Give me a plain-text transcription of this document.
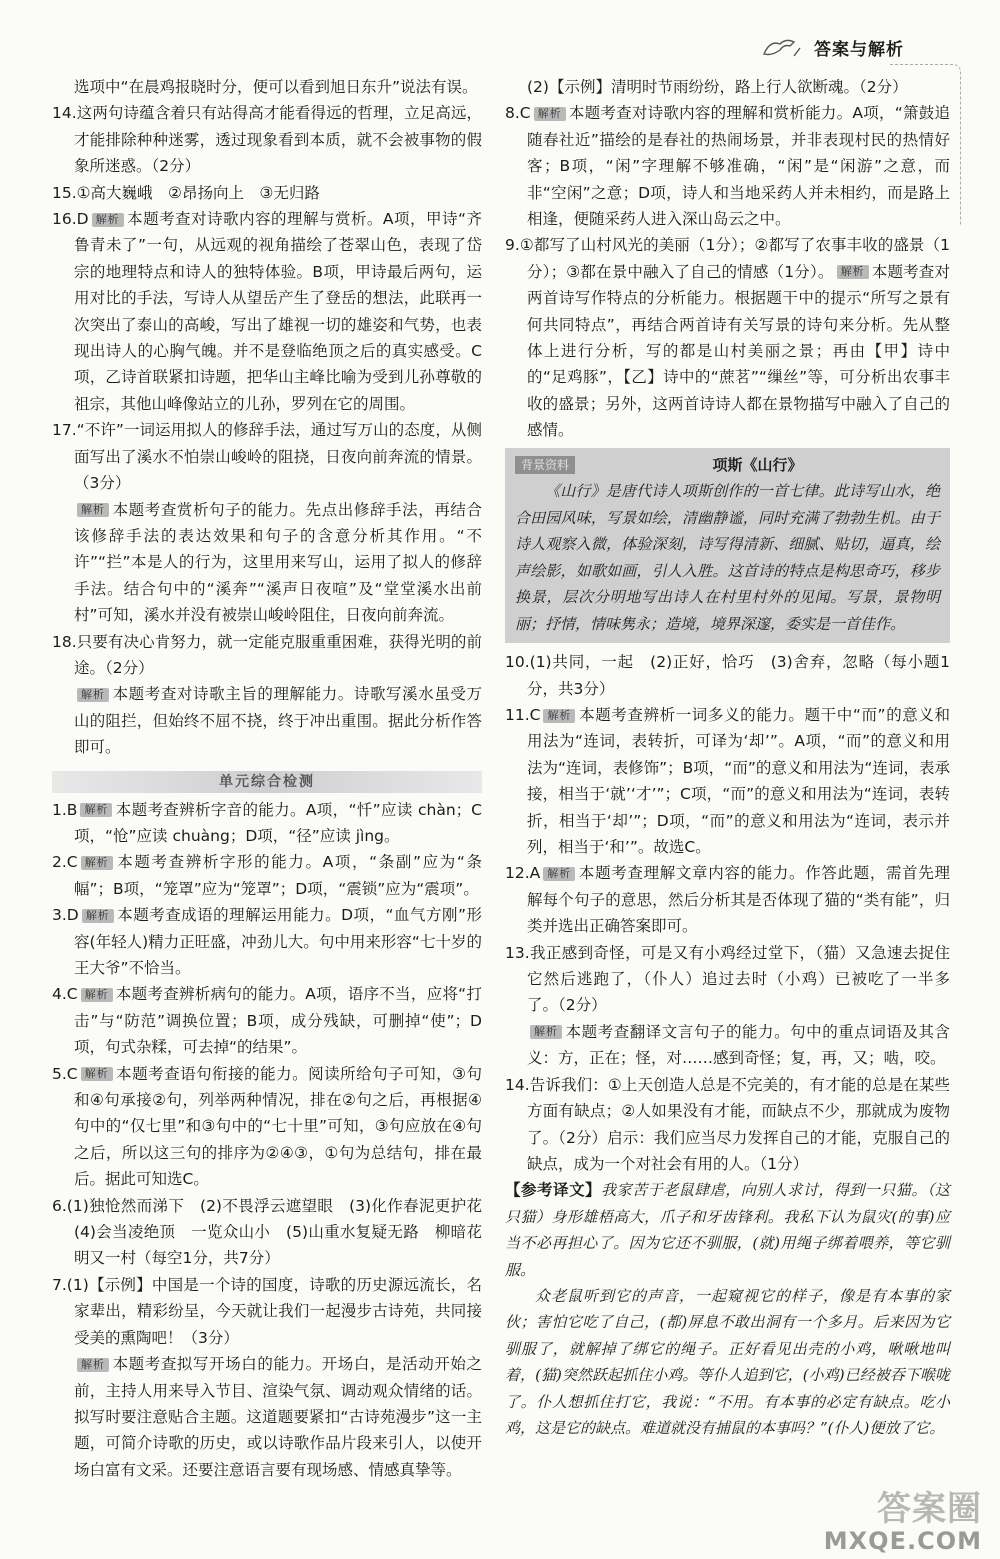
答案与解析

选项中“在晨鸡报晓时分，便可以看到旭日东升”说法有误。

14.这两句诗蕴含着只有站得高才能看得远的哲理，立足高远，才能排除种种迷雾，透过现象看到本质，就不会被事物的假象所迷惑。（2分）

15.①高大巍峨　②昂扬向上　③无归路

16.D 解析 本题考查对诗歌内容的理解与赏析。A项，甲诗“齐鲁青未了”一句，从远观的视角描绘了苍翠山色，表现了岱宗的地理特点和诗人的独特体验。B项，甲诗最后两句，运用对比的手法，写诗人从望岳产生了登岳的想法，此联再一次突出了泰山的高峻，写出了雄视一切的雄姿和气势，也表现出诗人的心胸气魄。并不是登临绝顶之后的真实感受。C项，乙诗首联紧扣诗题，把华山主峰比喻为受到儿孙尊敬的祖宗，其他山峰像站立的儿孙，罗列在它的周围。

17.“不许”一词运用拟人的修辞手法，通过写万山的态度，从侧面写出了溪水不怕崇山峻岭的阻挠，日夜向前奔流的情景。（3分）

解析 本题考查赏析句子的能力。先点出修辞手法，再结合该修辞手法的表达效果和句子的含意分析其作用。“不许”“拦”本是人的行为，这里用来写山，运用了拟人的修辞手法。结合句中的“溪奔”“溪声日夜喧”及“堂堂溪水出前村”可知，溪水并没有被崇山峻岭阻住，日夜向前奔流。

18.只要有决心肯努力，就一定能克服重重困难，获得光明的前途。（2分）

解析 本题考查对诗歌主旨的理解能力。诗歌写溪水虽受万山的阻拦，但始终不屈不挠，终于冲出重围。据此分析作答即可。

单元综合检测

1.B 解析 本题考查辨析字音的能力。A项，“忏”应读 chàn；C项，“怆”应读 chuàng；D项，“径”应读 jìng。

2.C 解析 本题考查辨析字形的能力。A项，“条副”应为“条幅”；B项，“笼罩”应为“笼罩”；D项，“震锁”应为“震项”。

3.D 解析 本题考查成语的理解运用能力。D项，“血气方刚”形容(年轻人)精力正旺盛，冲劲儿大。句中用来形容“七十岁的王大爷”不恰当。

4.C 解析 本题考查辨析病句的能力。A项，语序不当，应将“打击”与“防范”调换位置；B项，成分残缺，可删掉“使”；D项，句式杂糅，可去掉“的结果”。

5.C 解析 本题考查语句衔接的能力。阅读所给句子可知，③句和④句承接②句，列举两种情况，排在②句之后，再根据④句中的“仅七里”和③句中的“七十里”可知，③句应放在④句之后，所以这三句的排序为②④③，①句为总结句，排在最后。据此可知选C。

6.(1)独怆然而涕下　(2)不畏浮云遮望眼　(3)化作春泥更护花　(4)会当凌绝顶　一览众山小　(5)山重水复疑无路　柳暗花明又一村（每空1分，共7分）

7.(1)【示例】中国是一个诗的国度，诗歌的历史源远流长，名家辈出，精彩纷呈，今天就让我们一起漫步古诗苑，共同接受美的熏陶吧！（3分）

解析 本题考查拟写开场白的能力。开场白，是活动开始之前，主持人用来导入节目、渲染气氛、调动观众情绪的话。拟写时要注意贴合主题。这道题要紧扣“古诗苑漫步”这一主题，可简介诗歌的历史，或以诗歌作品片段来引人，以使开场白富有文采。还要注意语言要有现场感、情感真挚等。

(2)【示例】清明时节雨纷纷，路上行人欲断魂。（2分）

8.C 解析 本题考查对诗歌内容的理解和赏析能力。A项，“箫鼓追随春社近”描绘的是春社的热闹场景，并非表现村民的热情好客；B项，“闲”字理解不够准确，“闲”是“闲游”之意，而非“空闲”之意；D项，诗人和当地采药人并未相约，而是路上相逢，便随采药人进入深山岛云之中。

9.①都写了山村风光的美丽（1分）；②都写了农事丰收的盛景（1分）；③都在景中融入了自己的情感（1分）。 解析 本题考查对两首诗写作特点的分析能力。根据题干中的提示“所写之景有何共同特点”，再结合两首诗有关写景的诗句来分析。先从整体上进行分析，写的都是山村美丽之景；再由【甲】诗中的“足鸡豚”，【乙】诗中的“蔗茗”“缫丝”等，可分析出农事丰收的盛景；另外，这两首诗诗人都在景物描写中融入了自己的感情。

背景资料	项斯《山行》

《山行》是唐代诗人项斯创作的一首七律。此诗写山水，绝合田园风味，写景如绘，清幽静谧，同时充满了勃勃生机。由于诗人观察入微，体验深刻，诗写得清新、细腻、贴切，逼真，绘声绘影，如歌如画，引人入胜。这首诗的特点是构思奇巧，移步换景，层次分明地写出诗人在村里村外的见闻。写景，景物明丽；抒情，情味隽永；造境，境界深邃，委实是一首佳作。

10.(1)共同，一起　(2)正好，恰巧　(3)舍弃，忽略（每小题1分，共3分）

11.C 解析 本题考查辨析一词多义的能力。题干中“而”的意义和用法为“连词，表转折，可译为‘却’”。A项，“而”的意义和用法为“连词，表修饰”；B项，“而”的意义和用法为“连词，表承接，相当于‘就’‘才’”；C项，“而”的意义和用法为“连词，表转折，相当于‘却’”；D项，“而”的意义和用法为“连词，表示并列，相当于‘和’”。故选C。

12.A 解析 本题考查理解文章内容的能力。作答此题，需首先理解每个句子的意思，然后分析其是否体现了猫的“类有能”，归类并选出正确答案即可。

13.我正感到奇怪，可是又有小鸡经过堂下，（猫）又急速去捉住它然后逃跑了，（仆人）追过去时（小鸡）已被吃了一半多了。（2分）

解析 本题考查翻译文言句子的能力。句中的重点词语及其含义：方，正在；怪，对……感到奇怪；复，再，又；啮，咬。

14.告诉我们：①上天创造人总是不完美的，有才能的总是在某些方面有缺点；②人如果没有才能，而缺点不少，那就成为废物了。（2分）启示：我们应当尽力发挥自己的才能，克服自己的缺点，成为一个对社会有用的人。（1分）

【参考译文】我家苦于老鼠肆虐，向别人求讨，得到一只猫。（这只猫）身形雄梧高大，爪子和牙齿锋利。我私下认为鼠灾(的事)应当不必再担心了。因为它还不驯服，(就)用绳子绑着喂养，等它驯服。

众老鼠听到它的声音，一起窥视它的样子，像是有本事的家伙；害怕它吃了自己，(都)屏息不敢出洞有一个多月。后来因为它驯服了，就解掉了绑它的绳子。正好看见出壳的小鸡，啾啾地叫着，(猫)突然跃起抓住小鸡。等仆人追到它，(小鸡)已经被吞下喉咙了。仆人想抓住打它，我说：“不用。有本事的必定有缺点。吃小鸡，这是它的缺点。难道就没有捕鼠的本事吗？”(仆人)便放了它。

答案圈
MXQE.COM
